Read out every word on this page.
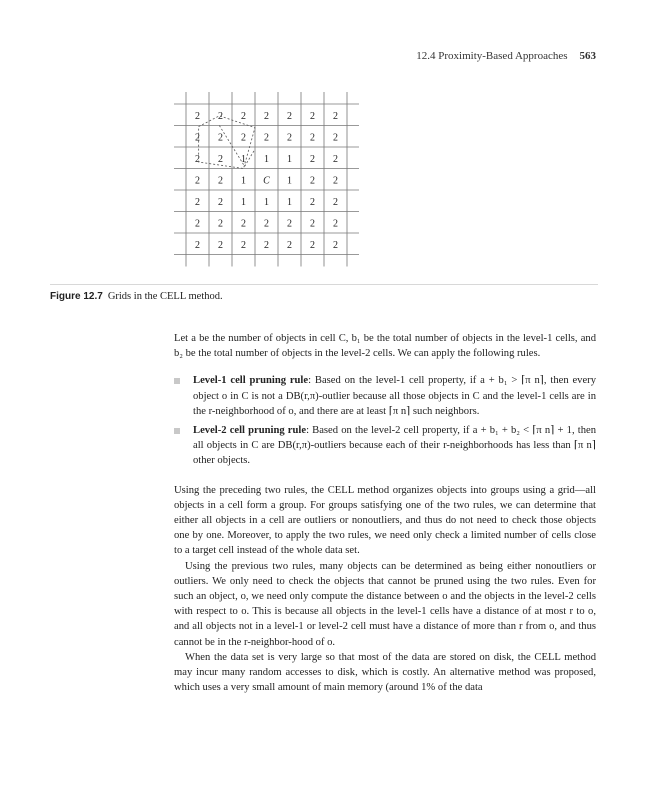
12.4 Proximity-Based Approaches 563
2 2 2 2 2 2 2
2 2 2 2 2 2 2
2 2 1 1 1 2 2
2 2 1 C 1 2 2
2 2 1 1 1 2 2
2 2 2 2 2 2 2
2 2 2 2 2 2 2
Figure 12.7 Grids in the CELL method.

Let a be the number of objects in cell C, b₁ be the total number of objects in the level-1 cells, and b₂ be the total number of objects in the level-2 cells. We can apply the following rules.

Level-1 cell pruning rule: Based on the level-1 cell property, if a + b₁ > ⌈π n⌉, then every object o in C is not a DB(r,π)-outlier because all those objects in C and the level-1 cells are in the r-neighborhood of o, and there are at least ⌈π n⌉ such neighbors.
Level-2 cell pruning rule: Based on the level-2 cell property, if a + b₁ + b₂ < ⌈π n⌉ + 1, then all objects in C are DB(r,π)-outliers because each of their r-neighborhoods has less than ⌈π n⌉ other objects.

Using the preceding two rules, the CELL method organizes objects into groups using a grid—all objects in a cell form a group. For groups satisfying one of the two rules, we can determine that either all objects in a cell are outliers or nonoutliers, and thus do not need to check those objects one by one. Moreover, to apply the two rules, we need only check a limited number of cells close to a target cell instead of the whole data set.

Using the previous two rules, many objects can be determined as being either nonoutliers or outliers. We only need to check the objects that cannot be pruned using the two rules. Even for such an object, o, we need only compute the distance between o and the objects in the level-2 cells with respect to o. This is because all objects in the level-1 cells have a distance of at most r to o, and all objects not in a level-1 or level-2 cell must have a distance of more than r from o, and thus cannot be in the r-neighbor-hood of o.

When the data set is very large so that most of the data are stored on disk, the CELL method may incur many random accesses to disk, which is costly. An alternative method was proposed, which uses a very small amount of main memory (around 1% of the data
